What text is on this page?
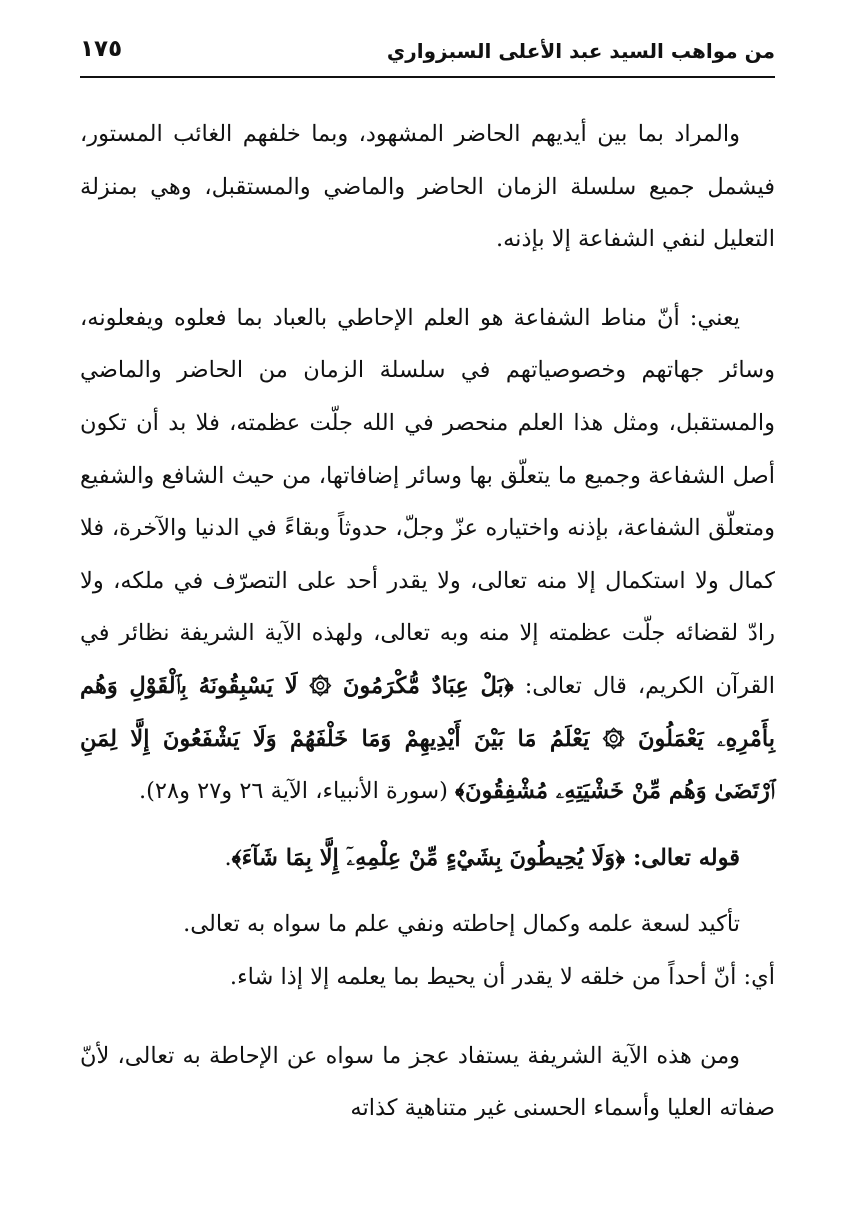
من مواهب السيد عبد الأعلى السبزواري
١٧٥

والمراد بما بين أيديهم الحاضر المشهود، وبما خلفهم الغائب المستور، فيشمل جميع سلسلة الزمان الحاضر والماضي والمستقبل، وهي بمنزلة التعليل لنفي الشفاعة إلا بإذنه.

يعني: أنّ مناط الشفاعة هو العلم الإحاطي بالعباد بما فعلوه ويفعلونه، وسائر جهاتهم وخصوصياتهم في سلسلة الزمان من الحاضر والماضي والمستقبل، ومثل هذا العلم منحصر في الله جلّت عظمته، فلا بد أن تكون أصل الشفاعة وجميع ما يتعلّق بها وسائر إضافاتها، من حيث الشافع والشفيع ومتعلّق الشفاعة، بإذنه واختياره عزّ وجلّ، حدوثاً وبقاءً في الدنيا والآخرة، فلا كمال ولا استكمال إلا منه تعالى، ولا يقدر أحد على التصرّف في ملكه، ولا رادّ لقضائه جلّت عظمته إلا منه وبه تعالى، ولهذه الآية الشريفة نظائر في القرآن الكريم، قال تعالى: ﴿بَلْ عِبَادٌ مُّكْرَمُونَ ۞ لَا يَسْبِقُونَهُ بِٱلْقَوْلِ وَهُم بِأَمْرِهِۦ يَعْمَلُونَ ۞ يَعْلَمُ مَا بَيْنَ أَيْدِيهِمْ وَمَا خَلْفَهُمْ وَلَا يَشْفَعُونَ إِلَّا لِمَنِ ٱرْتَضَىٰ وَهُم مِّنْ خَشْيَتِهِۦ مُشْفِقُونَ﴾ (سورة الأنبياء، الآية ٢٦ و٢٧ و٢٨).

قوله تعالى: ﴿وَلَا يُحِيطُونَ بِشَيْءٍ مِّنْ عِلْمِهِۦٓ إِلَّا بِمَا شَآءَ﴾.

تأكيد لسعة علمه وكمال إحاطته ونفي علم ما سواه به تعالى.

أي: أنّ أحداً من خلقه لا يقدر أن يحيط بما يعلمه إلا إذا شاء.

ومن هذه الآية الشريفة يستفاد عجز ما سواه عن الإحاطة به تعالى، لأنّ صفاته العليا وأسماء الحسنى غير متناهية كذاته
